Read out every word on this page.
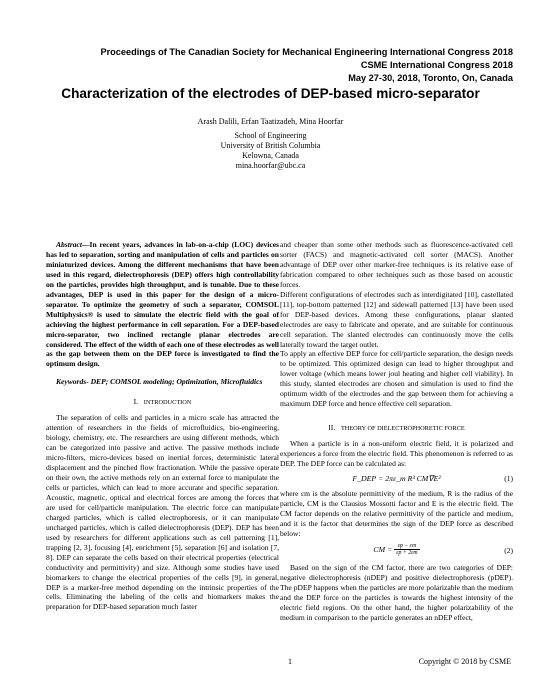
Proceedings of The Canadian Society for Mechanical Engineering International Congress 2018
CSME International Congress 2018
May 27-30, 2018, Toronto, On, Canada
Characterization of the electrodes of DEP-based micro-separator
Arash Dalili, Erfan Taatizadeh, Mina Hoorfar
School of Engineering
University of British Columbia
Kelowna, Canada
mina.hoorfar@ubc.ca

Abstract—In recent years, advances in lab-on-a-chip (LOC) devices has led to separation, sorting and manipulation of cells and particles on miniaturized devices. Among the different mechanisms that have been used in this regard, dielectrophoresis (DEP) offers high controllability on the particles, provides high throughput, and is tunable. Due to these advantages, DEP is used in this paper for the design of a micro-separator. To optimize the geometry of such a separator, COMSOL Multiphysics® is used to simulate the electric field with the goal of achieving the highest performance in cell separation. For a DEP-based micro-separator, two inclined rectangle planar electrodes are considered. The effect of the width of each one of these electrodes as well as the gap between them on the DEP force is investigated to find the optimum design.

Keywords- DEP; COMSOL modeling; Optimization, Microfluidics

I. INTRODUCTION

The separation of cells and particles in a micro scale has attracted the attention of researchers in the fields of microfluidics, bio-engineering, biology, chemistry, etc. The researchers are using different methods, which can be categorized into passive and active. The passive methods include micro-filters, micro-devices based on inertial forces, deterministic lateral displacement and the pinched flow fractionation. While the passive operate on their own, the active methods rely on an external force to manipulate the cells or particles, which can lead to more accurate and specific separation. Acoustic, magnetic, optical and electrical forces are among the forces that are used for cell/particle manipulation. The electric force can manipulate charged particles, which is called electrophoresis, or it can manipulate uncharged particles, which is called dielectrophoresis (DEP). DEP has been used by researchers for different applications such as cell patterning [1], trapping [2, 3], focusing [4], enrichment [5], separation [6] and isolation [7, 8]. DEP can separate the cells based on their electrical properties (electrical conductivity and permittivity) and size. Although some studies have used biomarkers to change the electrical properties of the cells [9], in general, DEP is a marker-free method depending on the intrinsic properties of the cells. Eliminating the labeling of the cells and biomarkers makes the preparation for DEP-based separation much faster

and cheaper than some other methods such as fluorescence-activated cell sorter (FACS) and magnetic-activated cell sorter (MACS). Another advantage of DEP over other marker-free techniques is its relative ease of fabrication compared to other techniques such as those based on acoustic forces.

Different configurations of electrodes such as interdigitated [10], castellated [11], top-bottom patterned [12] and sidewall patterned [13] have been used for DEP-based devices. Among these configurations, planar slanted electrodes are easy to fabricate and operate, and are suitable for continuous cell separation. The slanted electrodes can continuously move the cells laterally toward the target outlet.

To apply an effective DEP force for cell/particle separation, the design needs to be optimized. This optimized design can lead to higher throughput and lower voltage (which means lower joul heating and higher cell viability). In this study, slanted electrodes are chosen and simulation is used to find the optimum width of the electrodes and the gap between them for achieving a maximum DEP force and hence effective cell separation.

II. THEORY OF DIELECTROPHORETIC FORCE

When a particle is in a non-uniform electric field, it is polarized and experiences a force from the electric field. This phenomenon is referred to as DEP. The DEP force can be calculated as:

F_DEP = 2πε_m R³ CM∇E²	(1)

where εm is the absolute permittivity of the medium, R is the radius of the particle, CM is the Clausius Mossotti factor and E is the electric field. The CM factor depends on the relative permittivity of the particle and medium, and it is the factor that determines the sign of the DEP force as described below:

CM = $\frac{\varepsilon p - \varepsilon m}{\varepsilon p + 2\varepsilon m}$	(2)

Based on the sign of the CM factor, there are two categories of DEP: negative dielectrophoresis (nDEP) and positive dielectrophoresis (pDEP). The pDEP happens when the particles are more polarizable than the medium and the DEP force on the particles is towards the highest intensity of the electric field regions. On the other hand, the higher polarizability of the medium in comparison to the particle generates an nDEP effect,

1	Copyright © 2018 by CSME
